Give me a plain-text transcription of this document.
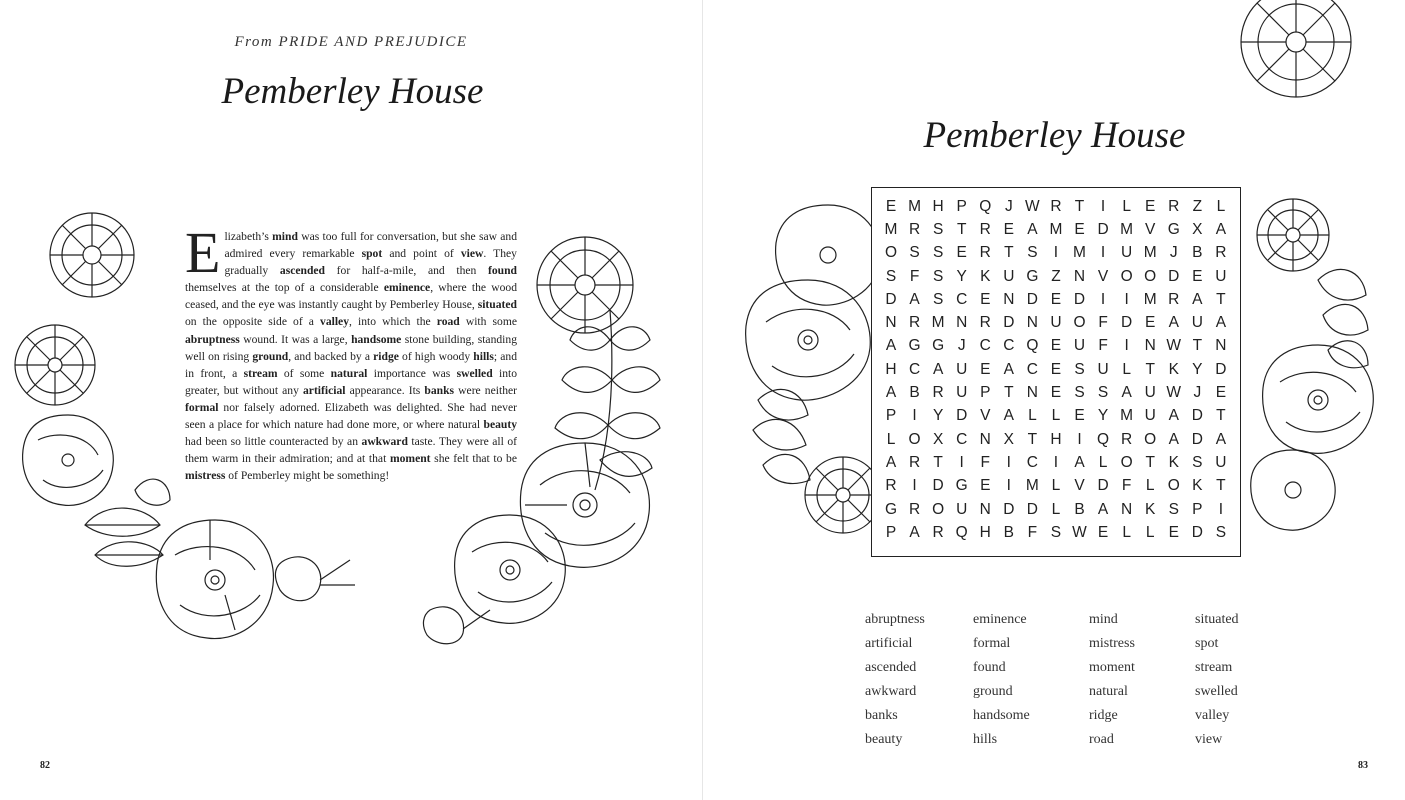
From PRIDE AND PREJUDICE
Pemberley House
E lizabeth’s mind was too full for conversation, but she saw and admired every remarkable spot and point of view. They gradually ascended for half-a-mile, and then found themselves at the top of a considerable eminence, where the wood ceased, and the eye was instantly caught by Pemberley House, situated on the opposite side of a valley, into which the road with some abruptness wound. It was a large, handsome stone building, standing well on rising ground, and backed by a ridge of high woody hills; and in front, a stream of some natural importance was swelled into greater, but without any artificial appearance. Its banks were neither formal nor falsely adorned. Elizabeth was delighted. She had never seen a place for which nature had done more, or where natural beauty had been so little counteracted by an awkward taste. They were all of them warm in their admiration; and at that moment she felt that to be mistress of Pemberley might be something!
82
Pemberley House
E M H P Q J W R T	I	L E R Z L
M R S T R E A M E D M V G X A
O S S E R T S	I M I	U M J B R
S F S Y K U G Z N V O O D E U
D A S C E N D E D	I	I M R A T
N R M N R D N U O F D E A U A
A G G J C C Q E U F	I	N W T N
H C A U E A C E S U L T K Y D
A B R U P T N E S S A U W J E
P	I	Y D V A L L E Y M U A D T
L O X C N X T H	I Q R O A D A
A R T	I	F	I	C	I	A L O T K S U
R	I	D G E	I M L V D F L O K T
G R O U N D D L B A N K S P	I
P A R Q H B F S W E L L E D S
abruptness
artificial
ascended
awkward
banks
beauty
eminence
formal
found
ground
handsome
hills
mind
mistress
moment
natural
ridge
road
situated
spot
stream
swelled
valley
view
83
